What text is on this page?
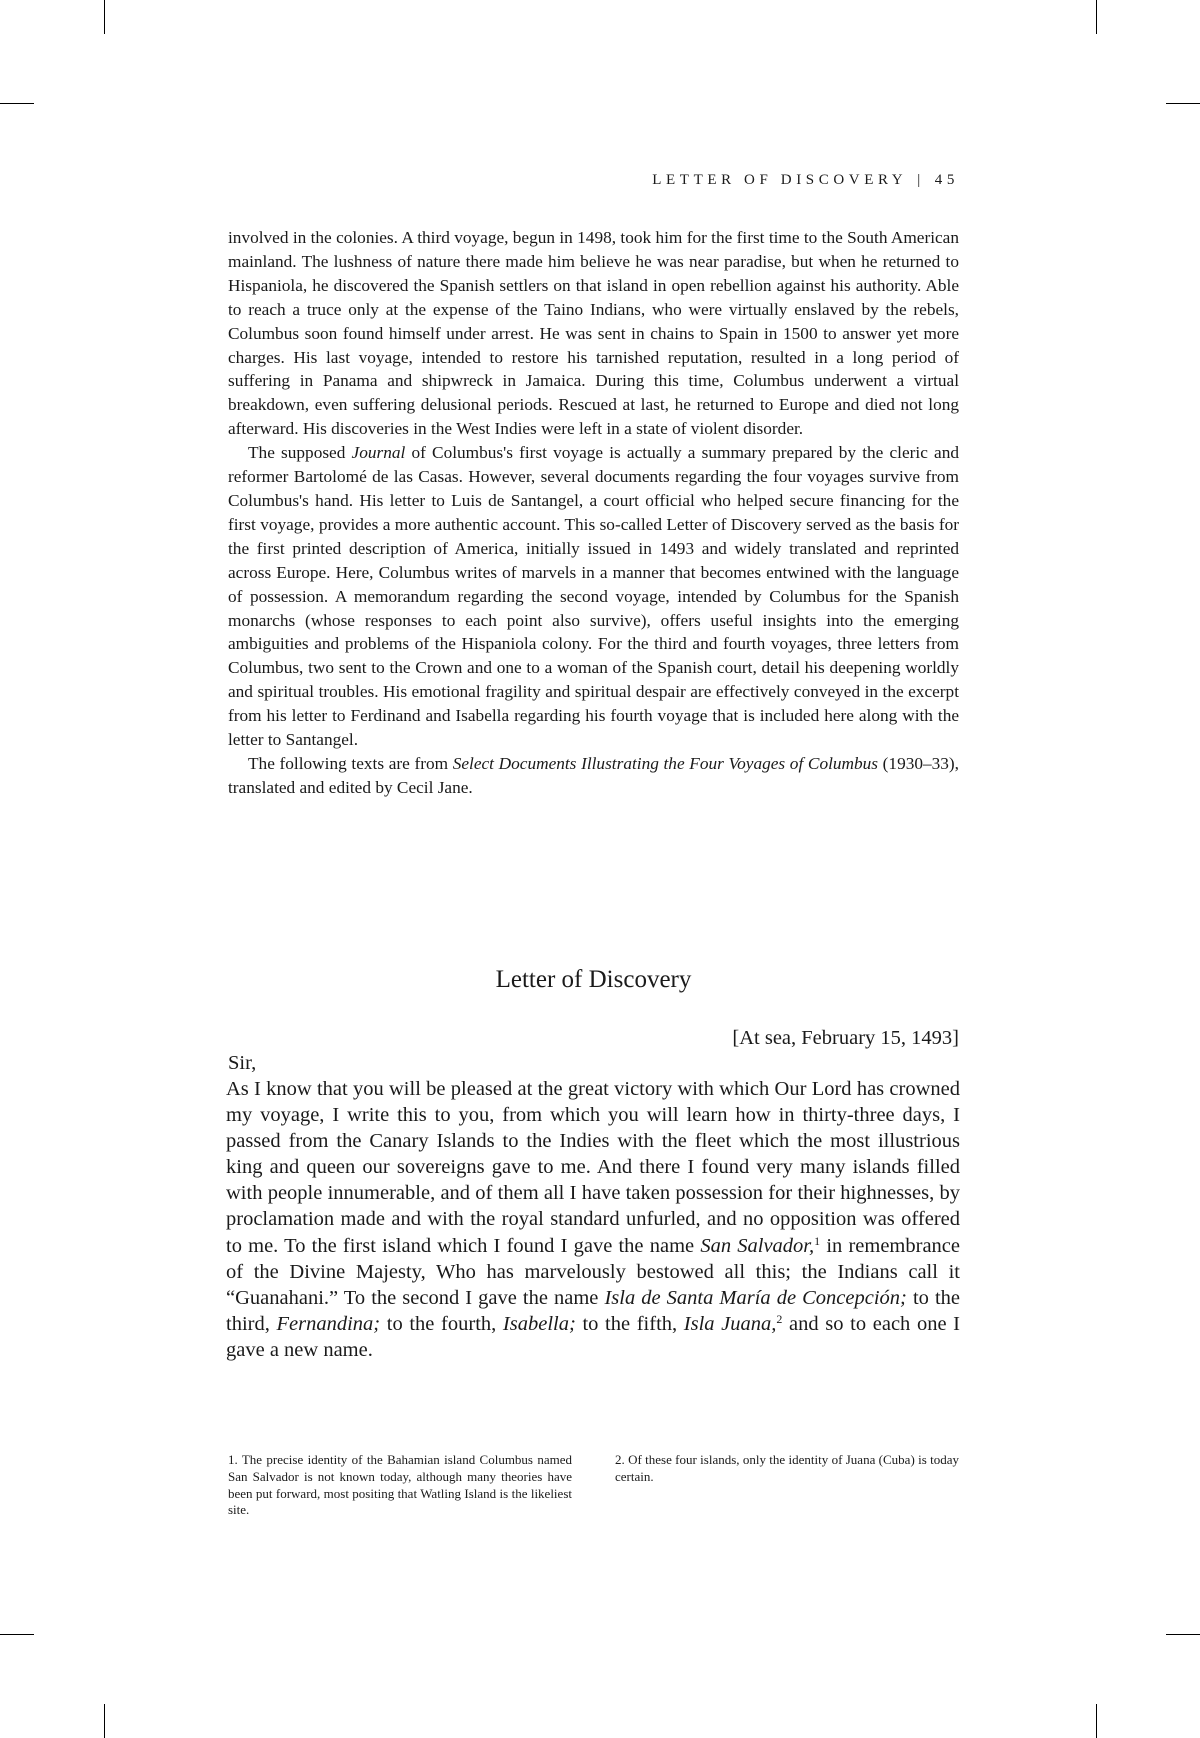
LETTER OF DISCOVERY | 45

involved in the colonies. A third voyage, begun in 1498, took him for the first time to the South American mainland. The lushness of nature there made him believe he was near paradise, but when he returned to Hispaniola, he discovered the Spanish settlers on that island in open rebellion against his authority. Able to reach a truce only at the expense of the Taino Indians, who were virtually enslaved by the rebels, Columbus soon found himself under arrest. He was sent in chains to Spain in 1500 to answer yet more charges. His last voyage, intended to restore his tarnished reputation, resulted in a long period of suffering in Panama and shipwreck in Jamaica. During this time, Columbus underwent a virtual breakdown, even suffering delusional periods. Rescued at last, he returned to Europe and died not long afterward. His discoveries in the West Indies were left in a state of violent disorder.

The supposed Journal of Columbus's first voyage is actually a summary prepared by the cleric and reformer Bartolomé de las Casas. However, several documents regarding the four voyages survive from Columbus's hand. His letter to Luis de Santangel, a court official who helped secure financing for the first voyage, provides a more authentic account. This so-called Letter of Discovery served as the basis for the first printed description of America, initially issued in 1493 and widely translated and reprinted across Europe. Here, Columbus writes of marvels in a manner that becomes entwined with the language of possession. A memorandum regarding the second voyage, intended by Columbus for the Spanish monarchs (whose responses to each point also survive), offers useful insights into the emerging ambiguities and problems of the Hispaniola colony. For the third and fourth voyages, three letters from Columbus, two sent to the Crown and one to a woman of the Spanish court, detail his deepening worldly and spiritual troubles. His emotional fragility and spiritual despair are effectively conveyed in the excerpt from his letter to Ferdinand and Isabella regarding his fourth voyage that is included here along with the letter to Santangel.

The following texts are from Select Documents Illustrating the Four Voyages of Columbus (1930–33), translated and edited by Cecil Jane.

Letter of Discovery
[At sea, February 15, 1493]
Sir,

As I know that you will be pleased at the great victory with which Our Lord has crowned my voyage, I write this to you, from which you will learn how in thirty-three days, I passed from the Canary Islands to the Indies with the fleet which the most illustrious king and queen our sovereigns gave to me. And there I found very many islands filled with people innumerable, and of them all I have taken possession for their highnesses, by proclamation made and with the royal standard unfurled, and no opposition was offered to me. To the first island which I found I gave the name San Salvador,$^1$ in remembrance of the Divine Majesty, Who has marvelously bestowed all this; the Indians call it “Guanahani.” To the second I gave the name Isla de Santa María de Concepción; to the third, Fernandina; to the fourth, Isabella; to the fifth, Isla Juana,$^2$ and so to each one I gave a new name.

1. The precise identity of the Bahamian island Columbus named San Salvador is not known today, although many theories have been put forward, most positing that Watling Island is the likeliest site.

2. Of these four islands, only the identity of Juana (Cuba) is today certain.
